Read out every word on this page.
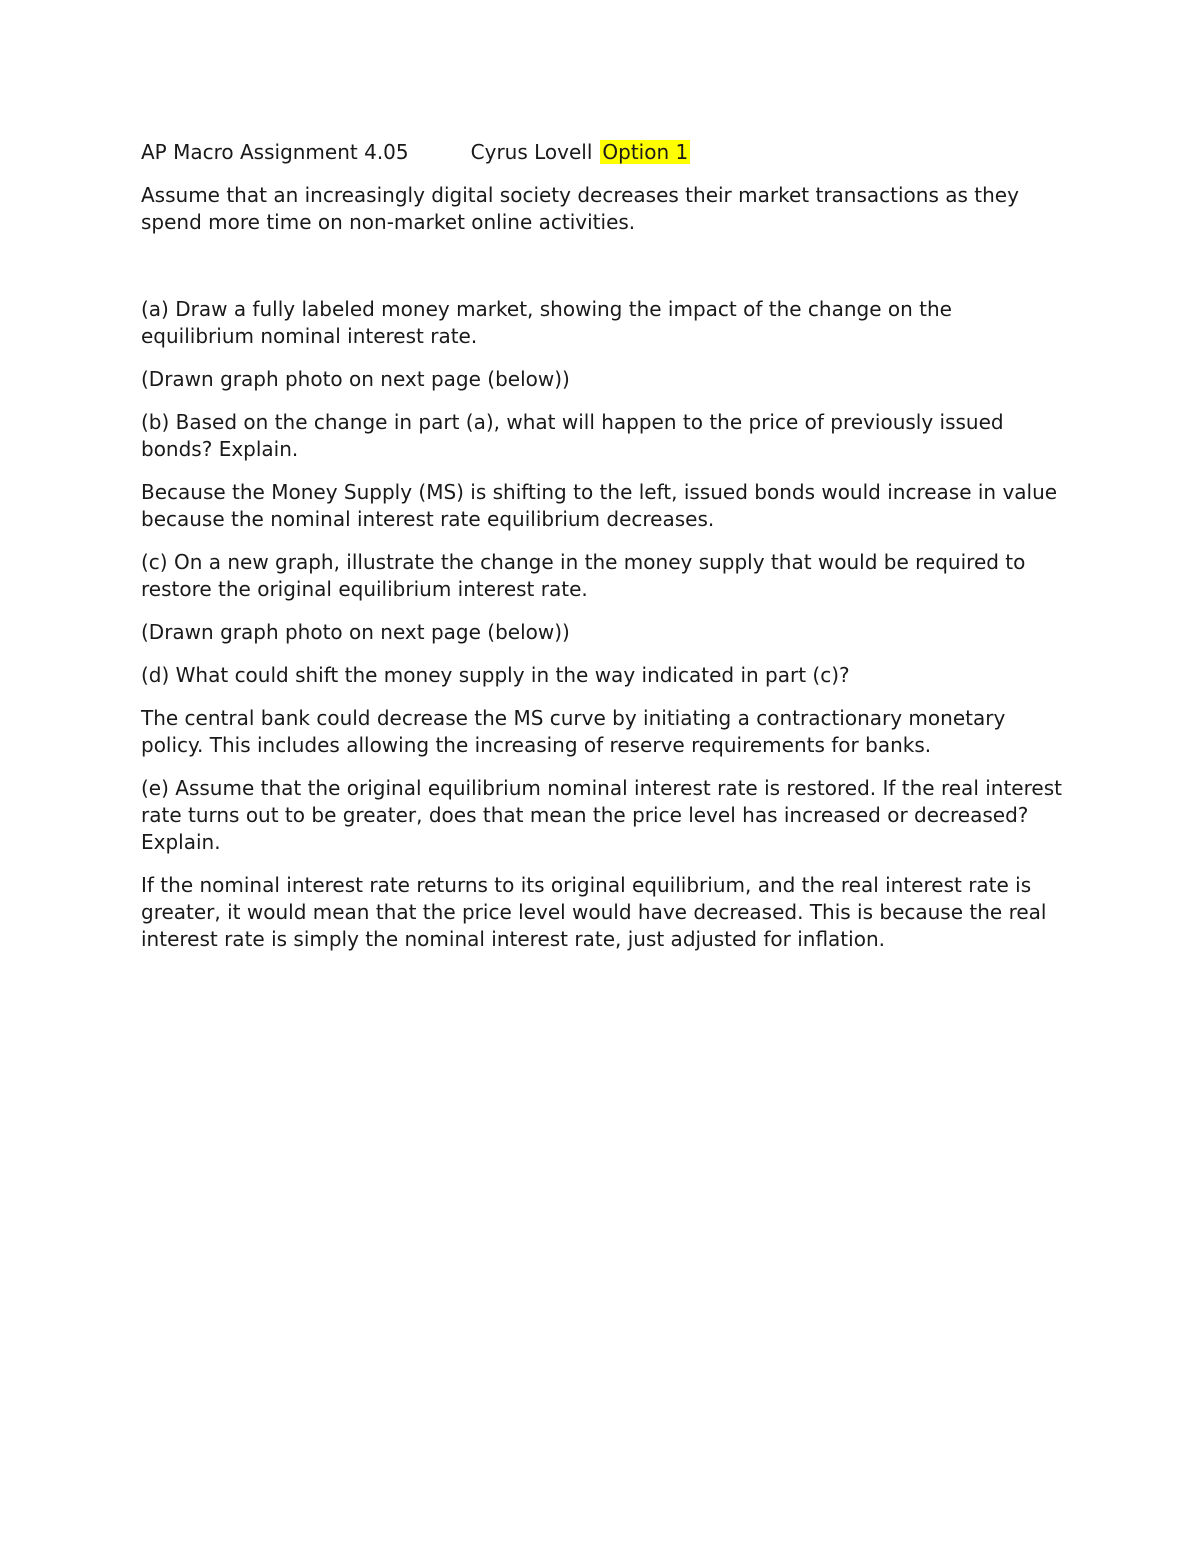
AP Macro Assignment 4.05	Cyrus Lovell Option 1

Assume that an increasingly digital society decreases their market transactions as they spend more time on non-market online activities.

(a) Draw a fully labeled money market, showing the impact of the change on the equilibrium nominal interest rate.

(Drawn graph photo on next page (below))

(b) Based on the change in part (a), what will happen to the price of previously issued bonds? Explain.

Because the Money Supply (MS) is shifting to the left, issued bonds would increase in value because the nominal interest rate equilibrium decreases.

(c) On a new graph, illustrate the change in the money supply that would be required to restore the original equilibrium interest rate.

(Drawn graph photo on next page (below))

(d) What could shift the money supply in the way indicated in part (c)?

The central bank could decrease the MS curve by initiating a contractionary monetary policy. This includes allowing the increasing of reserve requirements for banks.

(e) Assume that the original equilibrium nominal interest rate is restored. If the real interest rate turns out to be greater, does that mean the price level has increased or decreased? Explain.

If the nominal interest rate returns to its original equilibrium, and the real interest rate is greater, it would mean that the price level would have decreased. This is because the real interest rate is simply the nominal interest rate, just adjusted for inflation.
